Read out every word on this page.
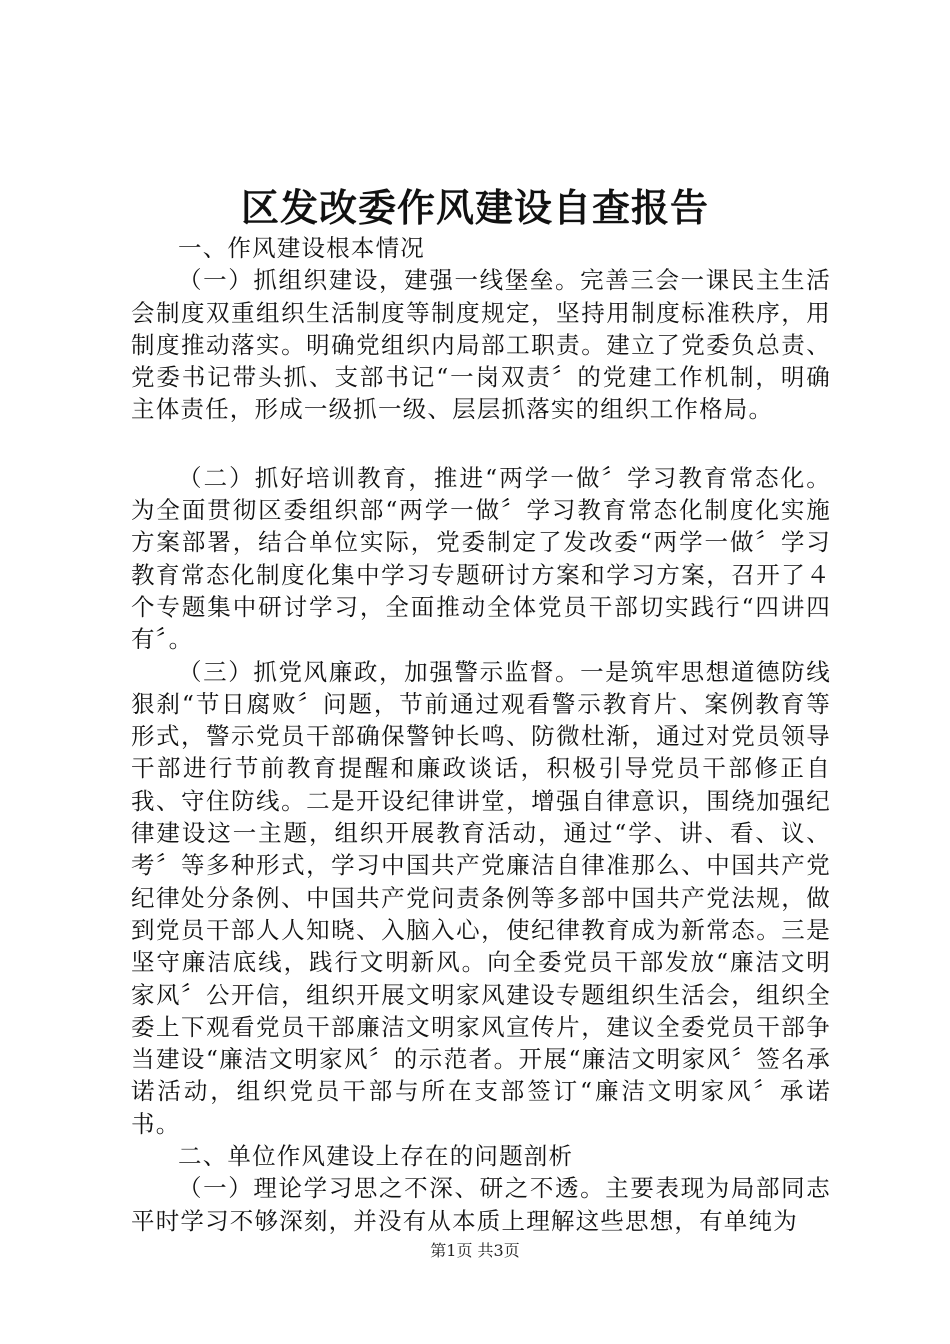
区发改委作风建设自查报告

一、作风建设根本情况

（一）抓组织建设，建强一线堡垒。完善三会一课民主生活会制度双重组织生活制度等制度规定，坚持用制度标准秩序，用制度推动落实。明确党组织内局部工职责。建立了党委负总责、党委书记带头抓、支部书记“一岗双责〞的党建工作机制，明确主体责任，形成一级抓一级、层层抓落实的组织工作格局。

（二）抓好培训教育，推进“两学一做〞学习教育常态化。为全面贯彻区委组织部“两学一做〞学习教育常态化制度化实施方案部署，结合单位实际，党委制定了发改委“两学一做〞学习教育常态化制度化集中学习专题研讨方案和学习方案，召开了４个专题集中研讨学习，全面推动全体党员干部切实践行“四讲四有〞。

（三）抓党风廉政，加强警示监督。一是筑牢思想道德防线狠刹“节日腐败〞问题，节前通过观看警示教育片、案例教育等形式，警示党员干部确保警钟长鸣、防微杜渐，通过对党员领导干部进行节前教育提醒和廉政谈话，积极引导党员干部修正自我、守住防线。二是开设纪律讲堂，增强自律意识，围绕加强纪律建设这一主题，组织开展教育活动，通过“学、讲、看、议、考〞等多种形式，学习中国共产党廉洁自律准那么、中国共产党纪律处分条例、中国共产党问责条例等多部中国共产党法规，做到党员干部人人知晓、入脑入心，使纪律教育成为新常态。三是坚守廉洁底线，践行文明新风。向全委党员干部发放“廉洁文明家风〞公开信，组织开展文明家风建设专题组织生活会，组织全委上下观看党员干部廉洁文明家风宣传片，建议全委党员干部争当建设“廉洁文明家风〞的示范者。开展“廉洁文明家风〞签名承诺活动，组织党员干部与所在支部签订“廉洁文明家风〞承诺书。

二、单位作风建设上存在的问题剖析

（一）理论学习思之不深、研之不透。主要表现为局部同志平时学习不够深刻，并没有从本质上理解这些思想，有单纯为

第1页 共3页
